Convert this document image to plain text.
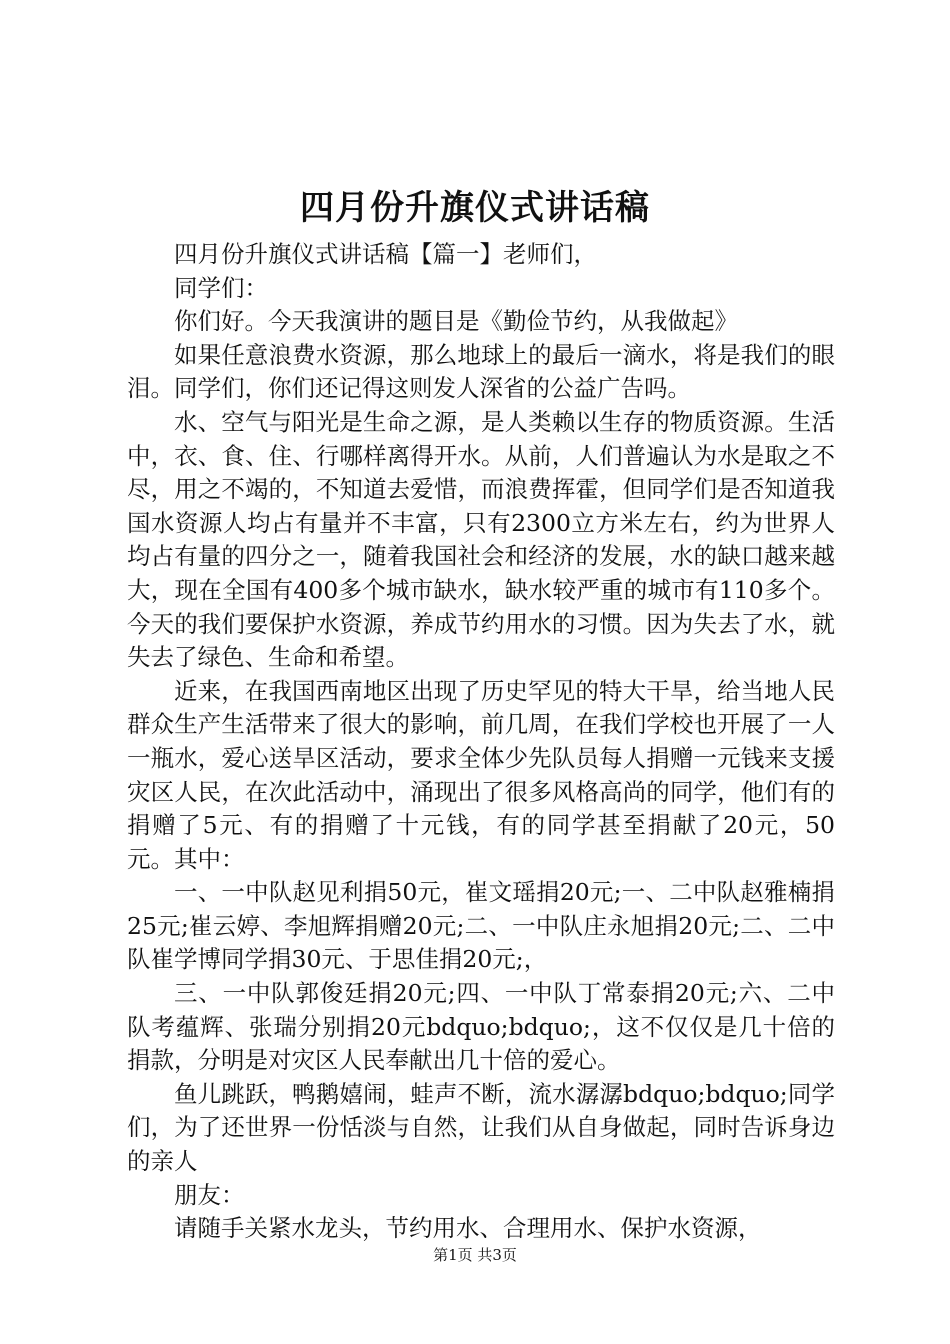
四月份升旗仪式讲话稿

四月份升旗仪式讲话稿【篇一】老师们，

同学们：

你们好。今天我演讲的题目是《勤俭节约，从我做起》

如果任意浪费水资源，那么地球上的最后一滴水，将是我们的眼泪。同学们，你们还记得这则发人深省的公益广告吗。

水、空气与阳光是生命之源，是人类赖以生存的物质资源。生活中，衣、食、住、行哪样离得开水。从前，人们普遍认为水是取之不尽，用之不竭的，不知道去爱惜，而浪费挥霍，但同学们是否知道我国水资源人均占有量并不丰富，只有2300立方米左右，约为世界人均占有量的四分之一，随着我国社会和经济的发展，水的缺口越来越大，现在全国有400多个城市缺水，缺水较严重的城市有110多个。今天的我们要保护水资源，养成节约用水的习惯。因为失去了水，就失去了绿色、生命和希望。

近来，在我国西南地区出现了历史罕见的特大干旱，给当地人民群众生产生活带来了很大的影响，前几周，在我们学校也开展了一人一瓶水，爱心送旱区活动，要求全体少先队员每人捐赠一元钱来支援灾区人民，在次此活动中，涌现出了很多风格高尚的同学，他们有的捐赠了5元、有的捐赠了十元钱，有的同学甚至捐献了20元，50元。其中：

一、一中队赵见利捐50元，崔文瑶捐20元;一、二中队赵雅楠捐25元;崔云婷、李旭辉捐赠20元;二、一中队庄永旭捐20元;二、二中队崔学博同学捐30元、于思佳捐20元;，

三、一中队郭俊廷捐20元;四、一中队丁常泰捐20元;六、二中队考蕴辉、张瑞分别捐20元bdquo;bdquo;，这不仅仅是几十倍的捐款，分明是对灾区人民奉献出几十倍的爱心。

鱼儿跳跃，鸭鹅嬉闹，蛙声不断，流水潺潺bdquo;bdquo;同学们，为了还世界一份恬淡与自然，让我们从自身做起，同时告诉身边的亲人

朋友：

请随手关紧水龙头，节约用水、合理用水、保护水资源，

第1页 共3页
